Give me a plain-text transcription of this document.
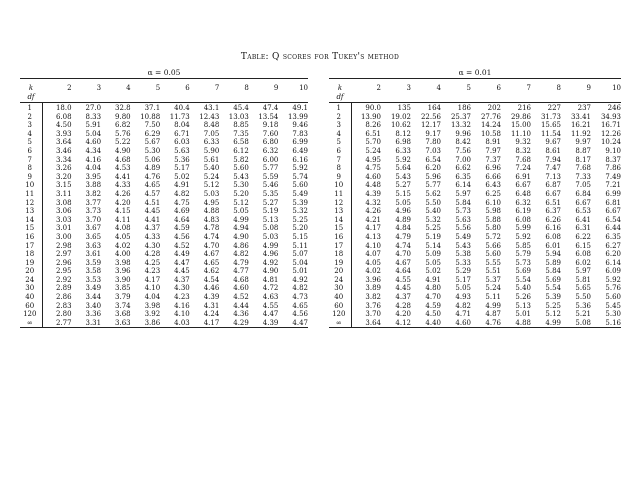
Table: Q scores for Tukey's method
α = 0.05

k	2	3	4	5	6	7	8	9	10
df									
1	18.0	27.0	32.8	37.1	40.4	43.1	45.4	47.4	49.1
2	6.08	8.33	9.80	10.88	11.73	12.43	13.03	13.54	13.99
3	4.50	5.91	6.82	7.50	8.04	8.48	8.85	9.18	9.46
4	3.93	5.04	5.76	6.29	6.71	7.05	7.35	7.60	7.83
5	3.64	4.60	5.22	5.67	6.03	6.33	6.58	6.80	6.99
6	3.46	4.34	4.90	5.30	5.63	5.90	6.12	6.32	6.49
7	3.34	4.16	4.68	5.06	5.36	5.61	5.82	6.00	6.16
8	3.26	4.04	4.53	4.89	5.17	5.40	5.60	5.77	5.92
9	3.20	3.95	4.41	4.76	5.02	5.24	5.43	5.59	5.74
10	3.15	3.88	4.33	4.65	4.91	5.12	5.30	5.46	5.60
11	3.11	3.82	4.26	4.57	4.82	5.03	5.20	5.35	5.49
12	3.08	3.77	4.20	4.51	4.75	4.95	5.12	5.27	5.39
13	3.06	3.73	4.15	4.45	4.69	4.88	5.05	5.19	5.32
14	3.03	3.70	4.11	4.41	4.64	4.83	4.99	5.13	5.25
15	3.01	3.67	4.08	4.37	4.59	4.78	4.94	5.08	5.20
16	3.00	3.65	4.05	4.33	4.56	4.74	4.90	5.03	5.15
17	2.98	3.63	4.02	4.30	4.52	4.70	4.86	4.99	5.11
18	2.97	3.61	4.00	4.28	4.49	4.67	4.82	4.96	5.07
19	2.96	3.59	3.98	4.25	4.47	4.65	4.79	4.92	5.04
20	2.95	3.58	3.96	4.23	4.45	4.62	4.77	4.90	5.01
24	2.92	3.53	3.90	4.17	4.37	4.54	4.68	4.81	4.92
30	2.89	3.49	3.85	4.10	4.30	4.46	4.60	4.72	4.82
40	2.86	3.44	3.79	4.04	4.23	4.39	4.52	4.63	4.73
60	2.83	3.40	3.74	3.98	4.16	4.31	4.44	4.55	4.65
120	2.80	3.36	3.68	3.92	4.10	4.24	4.36	4.47	4.56
∞	2.77	3.31	3.63	3.86	4.03	4.17	4.29	4.39	4.47
α = 0.01

k	2	3	4	5	6	7	8	9	10
df									
1	90.0	135	164	186	202	216	227	237	246
2	13.90	19.02	22.56	25.37	27.76	29.86	31.73	33.41	34.93
3	8.26	10.62	12.17	13.32	14.24	15.00	15.65	16.21	16.71
4	6.51	8.12	9.17	9.96	10.58	11.10	11.54	11.92	12.26
5	5.70	6.98	7.80	8.42	8.91	9.32	9.67	9.97	10.24
6	5.24	6.33	7.03	7.56	7.97	8.32	8.61	8.87	9.10
7	4.95	5.92	6.54	7.00	7.37	7.68	7.94	8.17	8.37
8	4.75	5.64	6.20	6.62	6.96	7.24	7.47	7.68	7.86
9	4.60	5.43	5.96	6.35	6.66	6.91	7.13	7.33	7.49
10	4.48	5.27	5.77	6.14	6.43	6.67	6.87	7.05	7.21
11	4.39	5.15	5.62	5.97	6.25	6.48	6.67	6.84	6.99
12	4.32	5.05	5.50	5.84	6.10	6.32	6.51	6.67	6.81
13	4.26	4.96	5.40	5.73	5.98	6.19	6.37	6.53	6.67
14	4.21	4.89	5.32	5.63	5.88	6.08	6.26	6.41	6.54
15	4.17	4.84	5.25	5.56	5.80	5.99	6.16	6.31	6.44
16	4.13	4.79	5.19	5.49	5.72	5.92	6.08	6.22	6.35
17	4.10	4.74	5.14	5.43	5.66	5.85	6.01	6.15	6.27
18	4.07	4.70	5.09	5.38	5.60	5.79	5.94	6.08	6.20
19	4.05	4.67	5.05	5.33	5.55	5.73	5.89	6.02	6.14
20	4.02	4.64	5.02	5.29	5.51	5.69	5.84	5.97	6.09
24	3.96	4.55	4.91	5.17	5.37	5.54	5.69	5.81	5.92
30	3.89	4.45	4.80	5.05	5.24	5.40	5.54	5.65	5.76
40	3.82	4.37	4.70	4.93	5.11	5.26	5.39	5.50	5.60
60	3.76	4.28	4.59	4.82	4.99	5.13	5.25	5.36	5.45
120	3.70	4.20	4.50	4.71	4.87	5.01	5.12	5.21	5.30
∞	3.64	4.12	4.40	4.60	4.76	4.88	4.99	5.08	5.16
